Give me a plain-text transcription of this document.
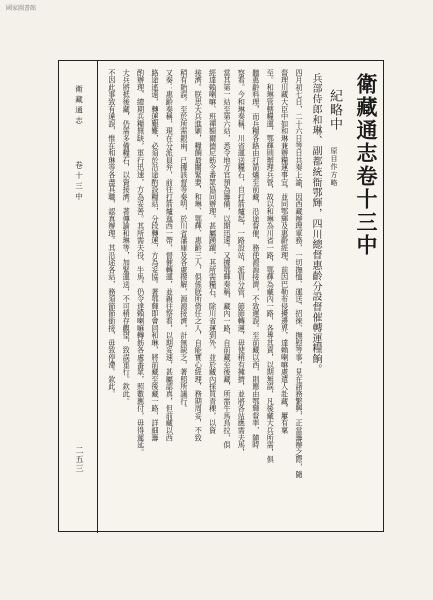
國家圖書館
衛藏通志卷十三中
紀略中 原目作方略
兵部侍郎和琳、副都統衙鄂輝，四川總督惠齡分設督催轉運糧餉。
四月初七日，二十六日等日共奏上諭，因西藏辦理軍務，一切撫恤、運送、招徠、撫慰等事，見在諸務繁興，正當籌辦之際，隨
督理川藏大臣中如和琳兼辦糧運事宜，並同鄂輝及惠齡經理，前因巴勒布侵擾邊界，達賴喇嘛處遣人赴藏，屢有稟
至。和琳管轄糧運，鄂輝則辦理兵營，故以和琳為川省一路，鄂輝為藏內一路，各專其責，以期無誤，凡後藏大兵所需，俱
聽惠齡料理，而兵糧各路由打箭爐至前藏，沿途督催，務使源源接濟，不致遲誤。至前藏以西，則應由鄂輝督率，隨時
察看。今和琳奏稱，川省運送糧石，自打箭爐起，一路設站，派員分管，節節轉運，毋使稍有擁擠，並將各站應需夫馬，
當其第一站至第六站，悉令地方官預為籌備，以期迅速。又據鄂輝奏稱，藏內一路，自前藏至後藏，所需牛馬烏拉，俱
經達賴喇嘛、班禪額爾德尼飭令番眾協同辦理，甚屬踴躍，其所需糧石，除川省運到外，並於藏內採買青稞，以資
接濟。朕思大兵進剿，糧餉最關緊要，和琳、鄂輝、惠齡三人，俱係朕所倚任之人，自能實心經理，務期周妥，不致
稍有貽誤。至於所需銀兩，已據該督等奏明，於川省藩庫及各處撥解，源源接濟，計無缺乏，著照所議行。
又奏：惠齡奏稱，現在分派員弁，前往打箭爐迤西一帶，督催轉運，並親往察看，以期妥速，甚屬認真，但前藏以西
路途遙遠，轉運艱難，必須於沿途酌設糧站，分段轉運，方為妥協。著鄂輝即會同和琳，將前藏至後藏一路，詳細籌
酌辦理，總期兵糧無缺，軍行迅速，方為妥善。其所需夫役、牛馬，仍令達賴喇嘛轉飭各處番眾，照數應付，毋得遲延。
大兵將抵後藏，仍需多備糧石，以資接濟。著傳諭和琳等，加緊運送，不可稍存觀望，致誤軍行。欽此。
不因此事致有違誤，惟在和琳等各盡其職，認真辦理。其沿途各站，務須節節銜接，毋致停滯。欽此。
衛藏通志
卷十三中
二五三
